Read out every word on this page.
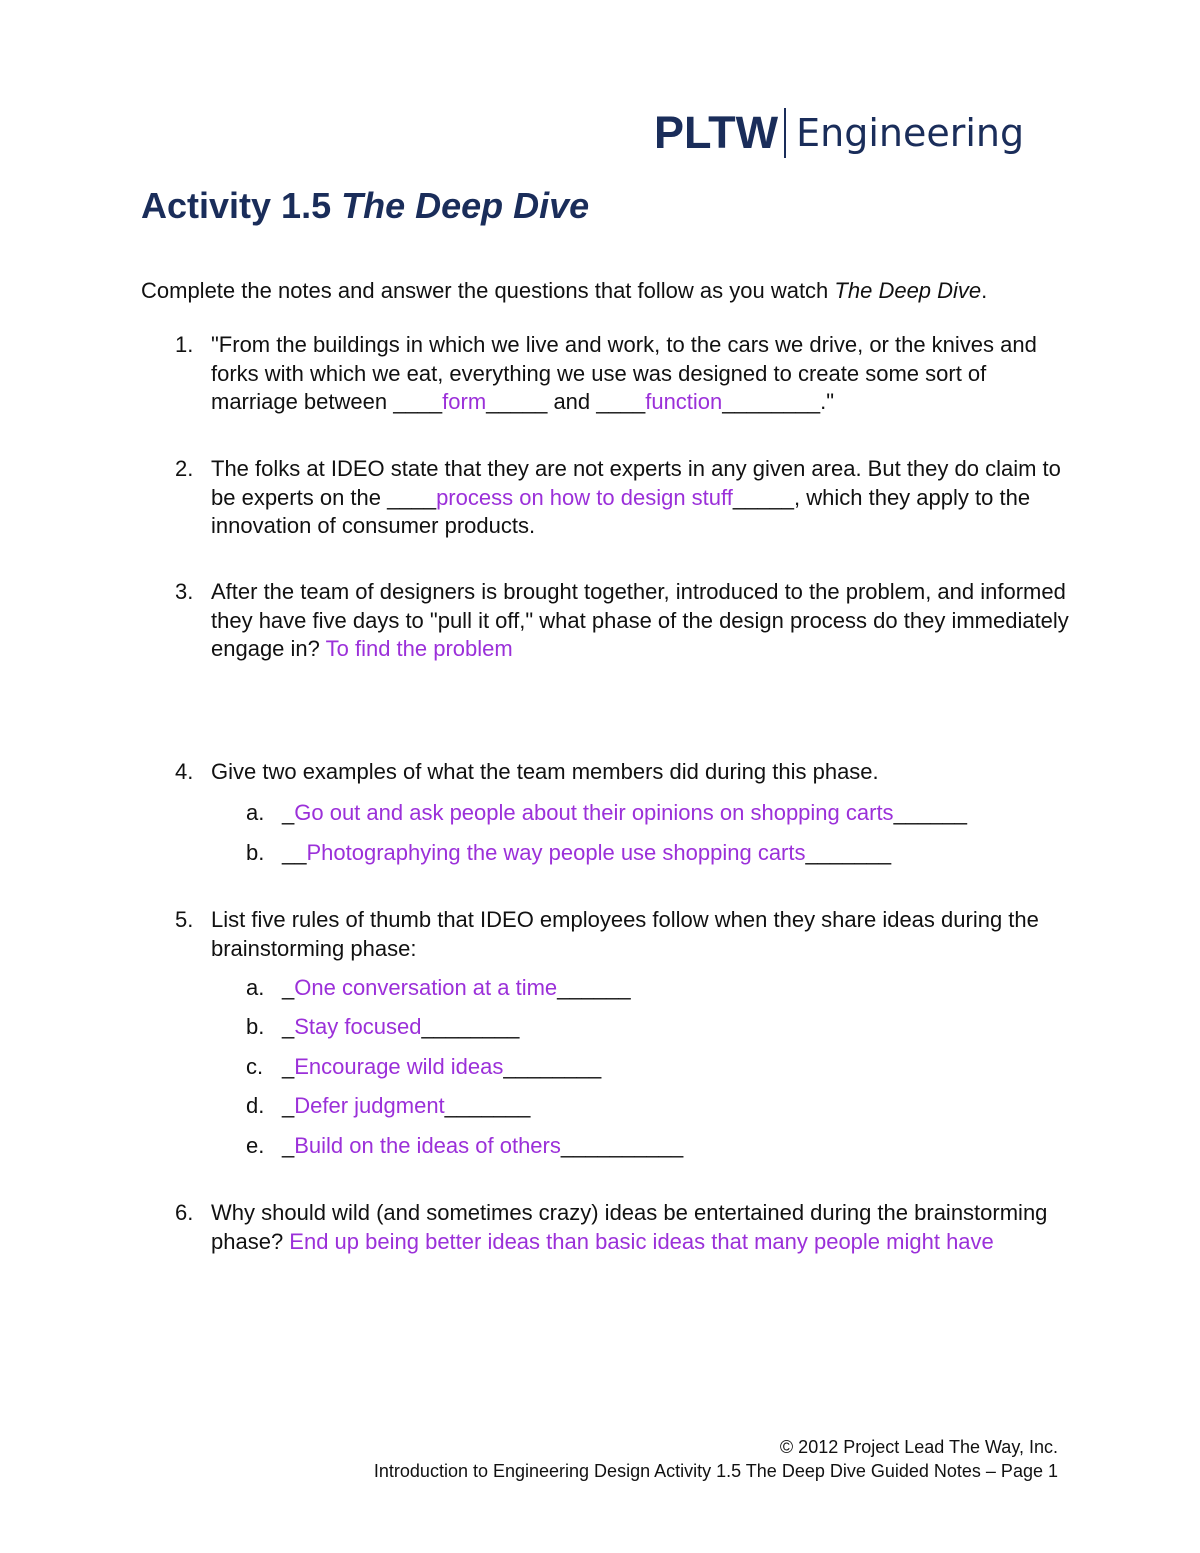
PLTW Engineering
Activity 1.5 The Deep Dive
Complete the notes and answer the questions that follow as you watch The Deep Dive.
1. "From the buildings in which we live and work, to the cars we drive, or the knives and forks with which we eat, everything we use was designed to create some sort of marriage between ____form_____ and ____function________."
2. The folks at IDEO state that they are not experts in any given area. But they do claim to be experts on the ____process on how to design stuff_____, which they apply to the innovation of consumer products.
3. After the team of designers is brought together, introduced to the problem, and informed they have five days to "pull it off," what phase of the design process do they immediately engage in? To find the problem
4. Give two examples of what the team members did during this phase.
a. _Go out and ask people about their opinions on shopping carts______
b. __Photographying the way people use shopping carts_______
5. List five rules of thumb that IDEO employees follow when they share ideas during the brainstorming phase:
a. _One conversation at a time______
b. _Stay focused________
c. _Encourage wild ideas________
d. _Defer judgment_______
e. _Build on the ideas of others__________
6. Why should wild (and sometimes crazy) ideas be entertained during the brainstorming phase? End up being better ideas than basic ideas that many people might have
© 2012 Project Lead The Way, Inc.
Introduction to Engineering Design Activity 1.5 The Deep Dive Guided Notes – Page 1
